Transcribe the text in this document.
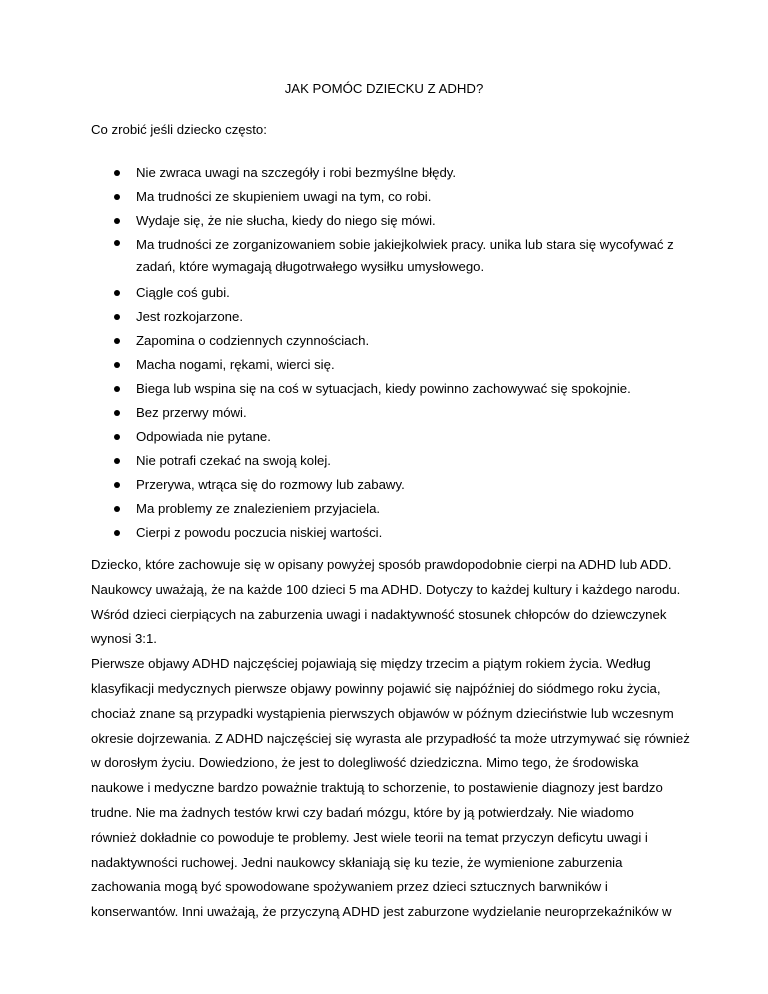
JAK POMÓC DZIECKU Z ADHD?
Co zrobić jeśli dziecko często:
Nie zwraca uwagi na szczegóły i robi bezmyślne błędy.
Ma trudności ze skupieniem uwagi na tym, co robi.
Wydaje się, że nie słucha, kiedy do niego się mówi.
Ma trudności ze zorganizowaniem sobie jakiejkolwiek pracy. unika lub stara się wycofywać z
zadań, które wymagają długotrwałego wysiłku umysłowego.
Ciągle coś gubi.
Jest rozkojarzone.
Zapomina o codziennych czynnościach.
Macha nogami, rękami, wierci się.
Biega lub wspina się na coś w sytuacjach, kiedy powinno zachowywać się spokojnie.
Bez przerwy mówi.
Odpowiada nie pytane.
Nie potrafi czekać na swoją kolej.
Przerywa, wtrąca się do rozmowy lub zabawy.
Ma problemy ze znalezieniem przyjaciela.
Cierpi z powodu poczucia niskiej wartości.

Dziecko, które zachowuje się w opisany powyżej sposób prawdopodobnie cierpi na ADHD lub ADD.

Naukowcy uważają, że na każde 100 dzieci 5 ma ADHD. Dotyczy to każdej kultury i każdego narodu.

Wśród dzieci cierpiących na zaburzenia uwagi i nadaktywność stosunek chłopców do dziewczynek

wynosi 3:1.

Pierwsze objawy ADHD najczęściej pojawiają się między trzecim a piątym rokiem życia. Według

klasyfikacji medycznych pierwsze objawy powinny pojawić się najpóźniej do siódmego roku życia,

chociaż znane są przypadki wystąpienia pierwszych objawów w późnym dzieciństwie lub wczesnym

okresie dojrzewania. Z ADHD najczęściej się wyrasta ale przypadłość ta może utrzymywać się również

w dorosłym życiu. Dowiedziono, że jest to dolegliwość dziedziczna. Mimo tego, że środowiska

naukowe i medyczne bardzo poważnie traktują to schorzenie, to postawienie diagnozy jest bardzo

trudne. Nie ma żadnych testów krwi czy badań mózgu, które by ją potwierdzały. Nie wiadomo

również dokładnie co powoduje te problemy. Jest wiele teorii na temat przyczyn deficytu uwagi i

nadaktywności ruchowej. Jedni naukowcy skłaniają się ku tezie, że wymienione zaburzenia

zachowania mogą być spowodowane spożywaniem przez dzieci sztucznych barwników i

konserwantów. Inni uważają, że przyczyną ADHD jest zaburzone wydzielanie neuroprzekaźników w
